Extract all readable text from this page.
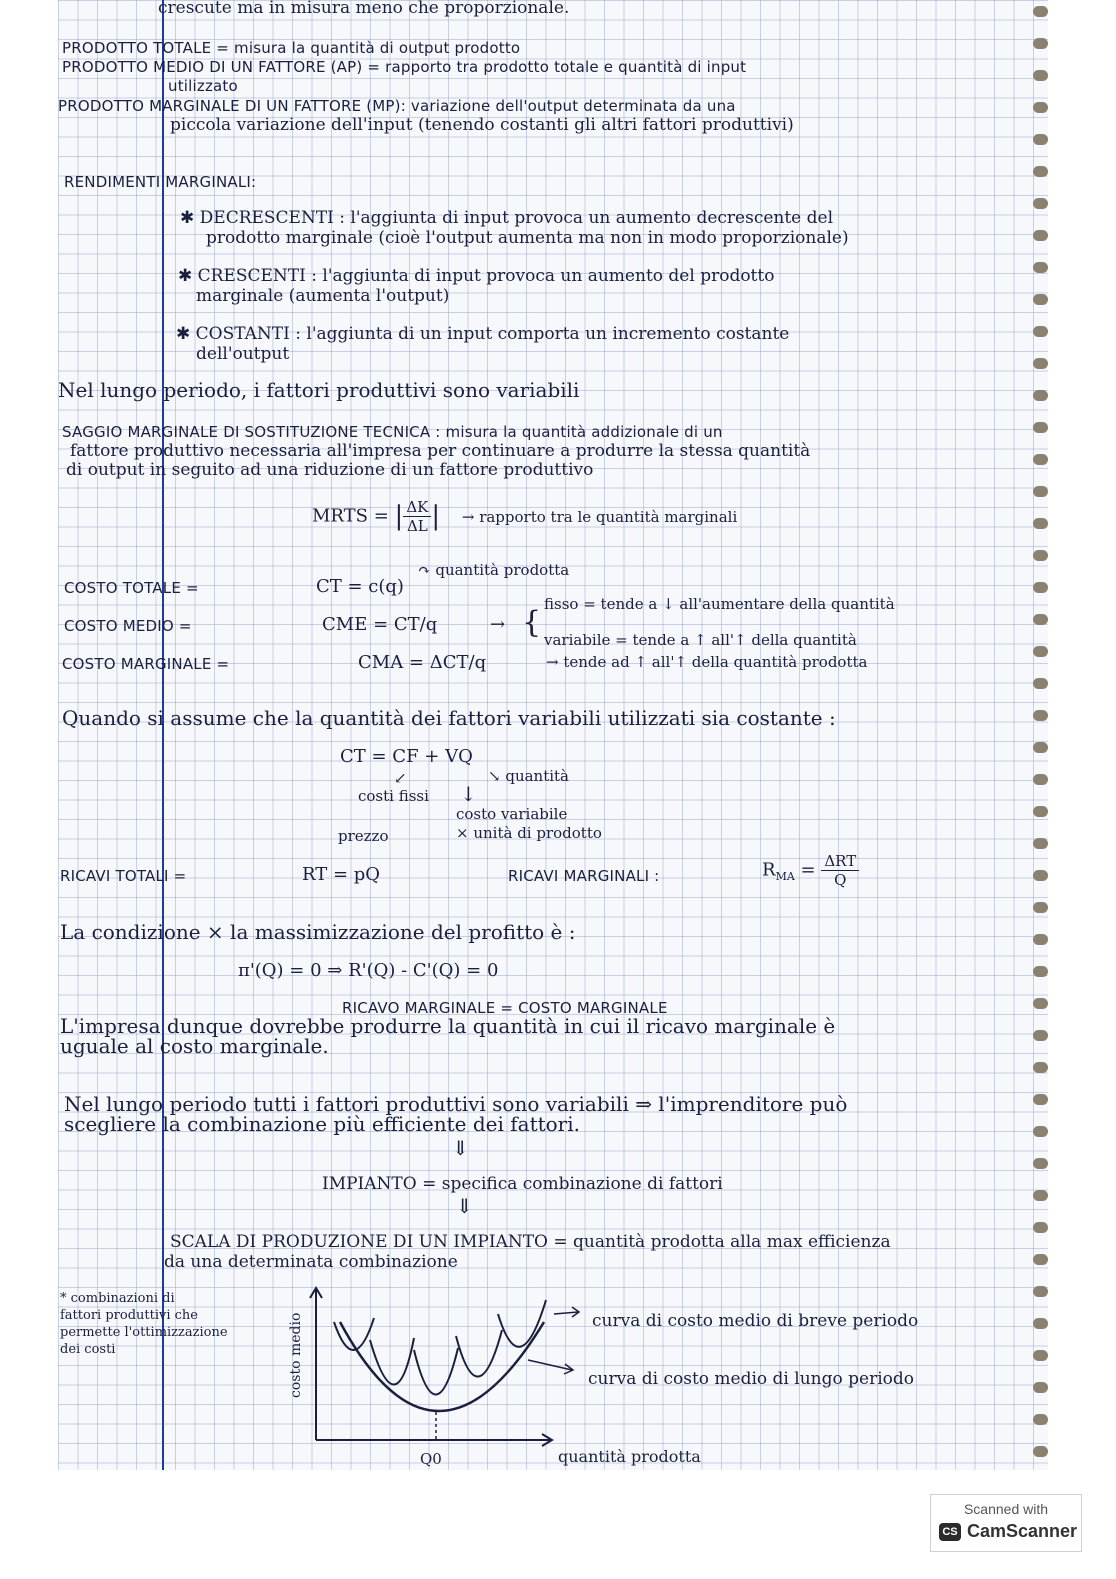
crescute ma in misura meno che proporzionale.

PRODOTTO TOTALE = misura la quantità di output prodotto

PRODOTTO MEDIO DI UN FATTORE (AP) = rapporto tra prodotto totale e quantità di input

utilizzato

PRODOTTO MARGINALE DI UN FATTORE (MP): variazione dell'output determinata da una

piccola variazione dell'input (tenendo costanti gli altri fattori produttivi)

RENDIMENTI MARGINALI:

✱ DECRESCENTI : l'aggiunta di input provoca un aumento decrescente del

prodotto marginale (cioè l'output aumenta ma non in modo proporzionale)

✱ CRESCENTI : l'aggiunta di input provoca un aumento del prodotto

marginale (aumenta l'output)

✱ COSTANTI : l'aggiunta di un input comporta un incremento costante

dell'output

Nel lungo periodo, i fattori produttivi sono variabili

SAGGIO MARGINALE DI SOSTITUZIONE TECNICA : misura la quantità addizionale di un

fattore produttivo necessaria all'impresa per continuare a produrre la stessa quantità

di output in seguito ad una riduzione di un fattore produttivo

MRTS = | $\frac{\Delta K}{\Delta L}$ | → rapporto tra le quantità marginali

↷ quantità prodotta

COSTO TOTALE =	CT = c(q)

fisso = tende a ↓ all'aumentare della quantità

COSTO MEDIO =	CME = CT/q	→ { variabile = tende a ↑ all'↑ della quantità

COSTO MARGINALE =	CMA = ΔCT/q	→ tende ad ↑ all'↑ della quantità prodotta

Quando si assume che la quantità dei fattori variabili utilizzati sia costante :

CT = CF + VQ

↘ quantità

↙

costi fissi ↓

costo variabile

× unità di prodotto

prezzo

RICAVI TOTALI =	RT = pQ	RICAVI MARGINALI :	$R_{MA} = \frac{\text{ΔRT}}{Q}$

La condizione × la massimizzazione del profitto è :

π'(Q) = 0 ⇒ R'(Q) - C'(Q) = 0

RICAVO MARGINALE = COSTO MARGINALE

L'impresa dunque dovrebbe produrre la quantità in cui il ricavo marginale è

uguale al costo marginale.

Nel lungo periodo tutti i fattori produttivi sono variabili ⇒ l'imprenditore può

scegliere la combinazione più efficiente dei fattori.

⇓

IMPIANTO = specifica combinazione di fattori

⇓

SCALA DI PRODUZIONE DI UN IMPIANTO = quantità prodotta alla max efficienza

da una determinata combinazione

* combinazioni di

fattori produttivi che

permette l'ottimizzazione

dei costi	costo medio
quantità prodotta
Q0
curva di costo medio di breve periodo
curva di costo medio di lungo periodo
Scanned with
CS CamScanner
